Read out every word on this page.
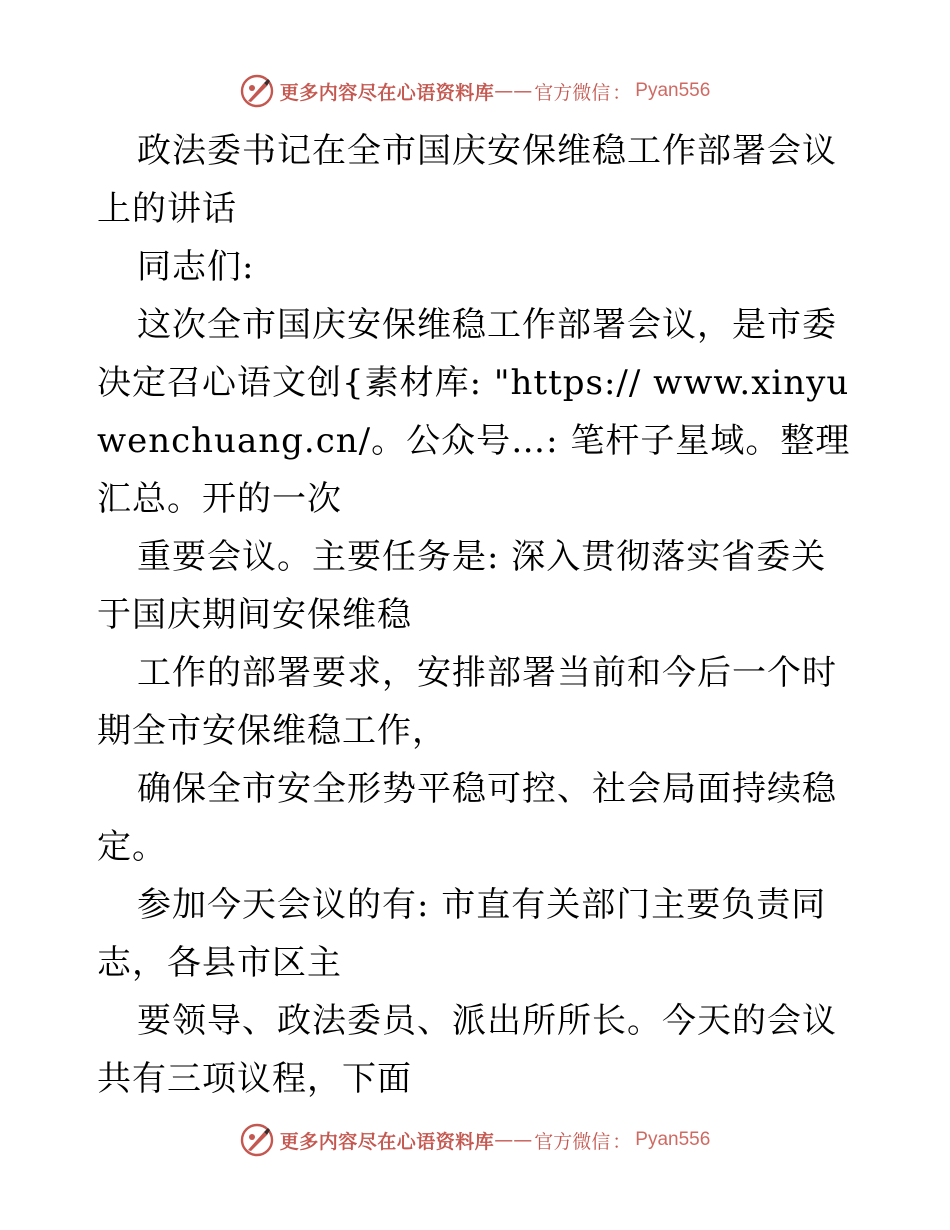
更多内容尽在心语资料库 —— 官方微信 ： Pyan556

政法委书记在全市国庆安保维稳工作部署会议上的讲话

同志们:

这次全市国庆安保维稳工作部署会议，是市委决定召心语文创{素材库: "https:// www.xinyuwenchuang.cn/。公众号…: 笔杆子星域。整理汇总。开的一次

重要会议。主要任务是: 深入贯彻落实省委关于国庆期间安保维稳

工作的部署要求，安排部署当前和今后一个时期全市安保维稳工作，

确保全市安全形势平稳可控、社会局面持续稳定。

参加今天会议的有: 市直有关部门主要负责同志，各县市区主

要领导、政法委员、派出所所长。今天的会议共有三项议程，下面

更多内容尽在心语资料库 —— 官方微信 ： Pyan556
